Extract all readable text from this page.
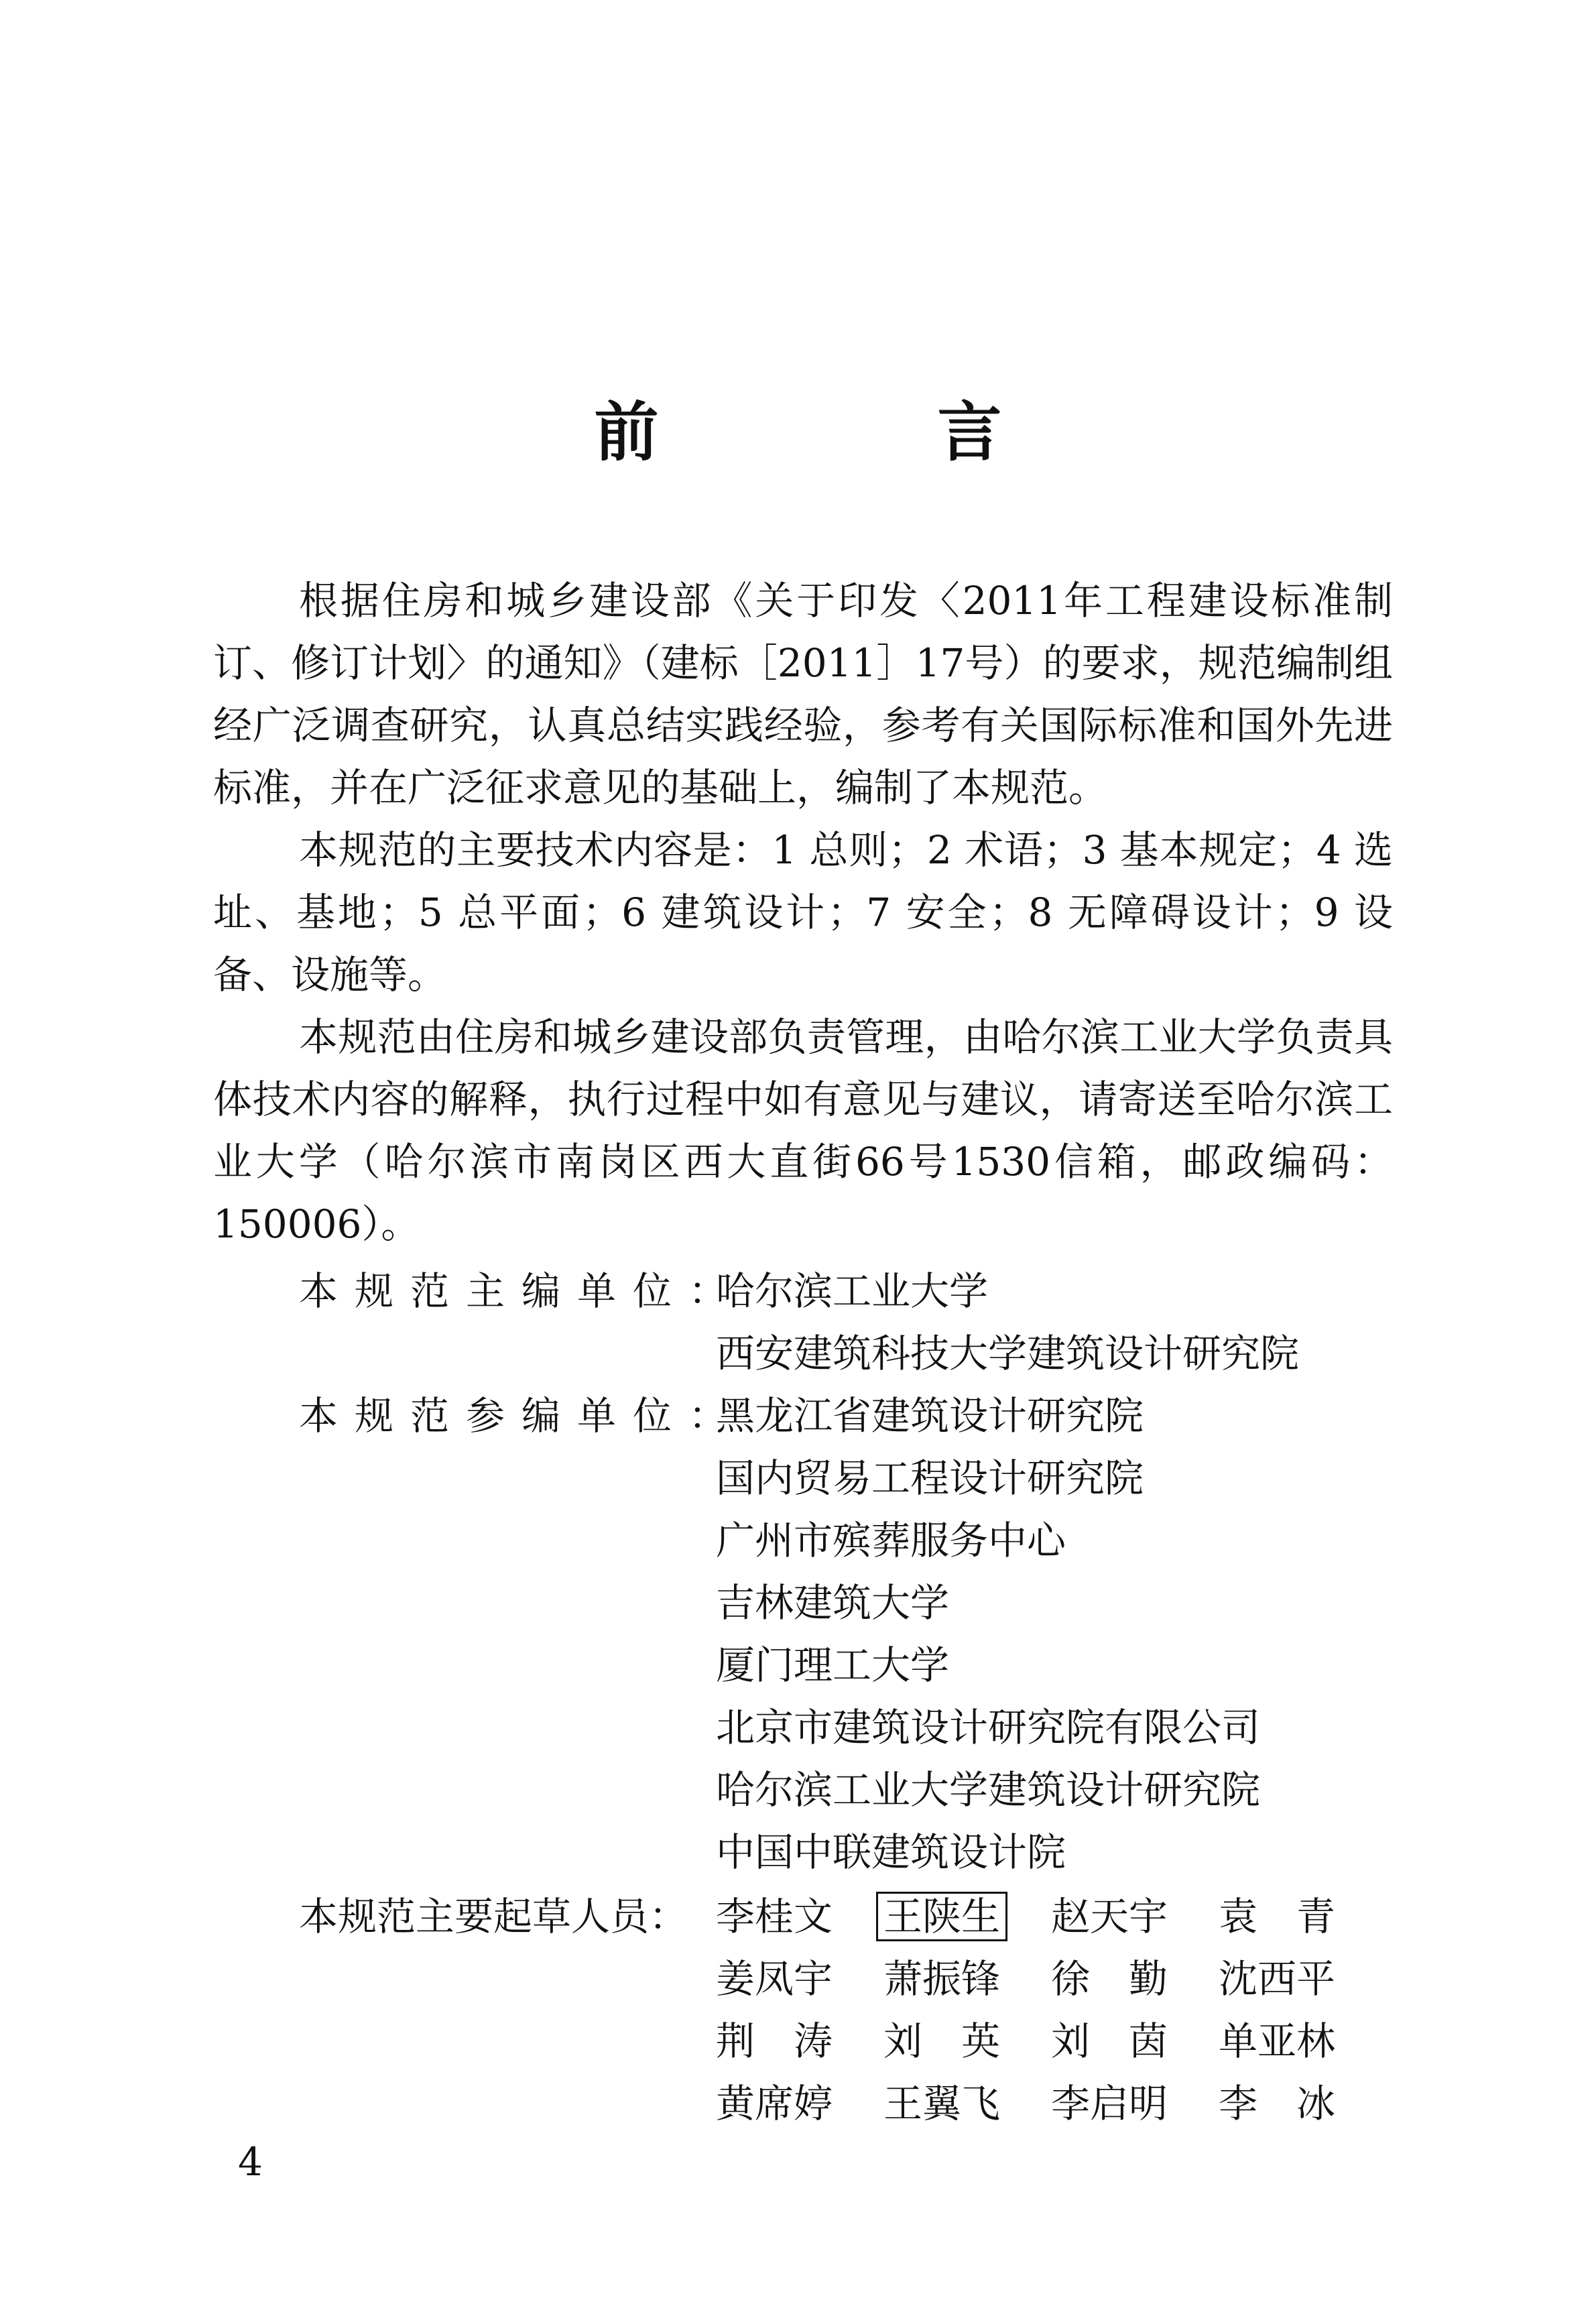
前　言

根据住房和城乡建设部《关于印发〈2011年工程建设标准制订、修订计划〉的通知》（建标［2011］17号）的要求，规范编制组经广泛调查研究，认真总结实践经验，参考有关国际标准和国外先进标准，并在广泛征求意见的基础上，编制了本规范。

本规范的主要技术内容是：1 总则；2 术语；3 基本规定；4 选址、基地；5 总平面；6 建筑设计；7 安全；8 无障碍设计；9 设备、设施等。

本规范由住房和城乡建设部负责管理，由哈尔滨工业大学负责具体技术内容的解释，执行过程中如有意见与建议，请寄送至哈尔滨工业大学（哈尔滨市南岗区西大直街66号1530信箱，邮政编码：150006）。

本规范主编单位：
哈尔滨工业大学
西安建筑科技大学建筑设计研究院
本规范参编单位：
黑龙江省建筑设计研究院
国内贸易工程设计研究院
广州市殡葬服务中心
吉林建筑大学
厦门理工大学
北京市建筑设计研究院有限公司
哈尔滨工业大学建筑设计研究院
中国中联建筑设计院
本规范主要起草人员： 李桂文	王陕生	赵天宇	袁　青
姜凤宇	萧振锋	徐　勤	沈西平
荆　涛	刘　英	刘　茵	单亚林
黄席婷	王翼飞	李启明	李　冰
4
